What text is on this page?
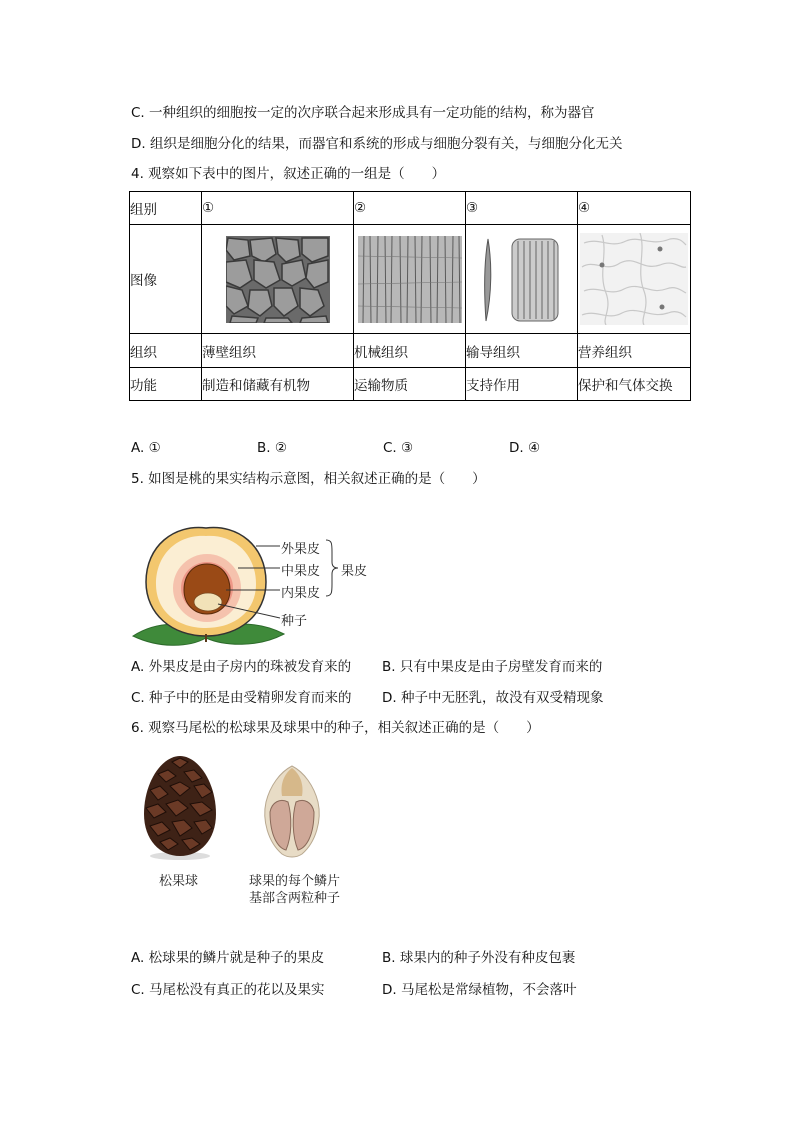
C. 一种组织的细胞按一定的次序联合起来形成具有一定功能的结构，称为器官
D. 组织是细胞分化的结果，而器官和系统的形成与细胞分裂有关，与细胞分化无关
4. 观察如下表中的图片，叙述正确的一组是（　　）
组别	①	②	③	④
图像	

组织	薄壁组织	机械组织	输导组织	营养组织
功能	制造和储藏有机物	运输物质	支持作用	保护和气体交换
A. ①	B. ②	C. ③	D. ④
5. 如图是桃的果实结构示意图，相关叙述正确的是（　　）
外果皮
中果皮
内果皮
果皮
种子
A. 外果皮是由子房内的珠被发育来的	B. 只有中果皮是由子房壁发育而来的
C. 种子中的胚是由受精卵发育而来的	D. 种子中无胚乳，故没有双受精现象
6. 观察马尾松的松球果及球果中的种子，相关叙述正确的是（　　）
松果球	球果的每个鳞片
基部含两粒种子
A. 松球果的鳞片就是种子的果皮	B. 球果内的种子外没有种皮包裹
C. 马尾松没有真正的花以及果实	D. 马尾松是常绿植物，不会落叶
